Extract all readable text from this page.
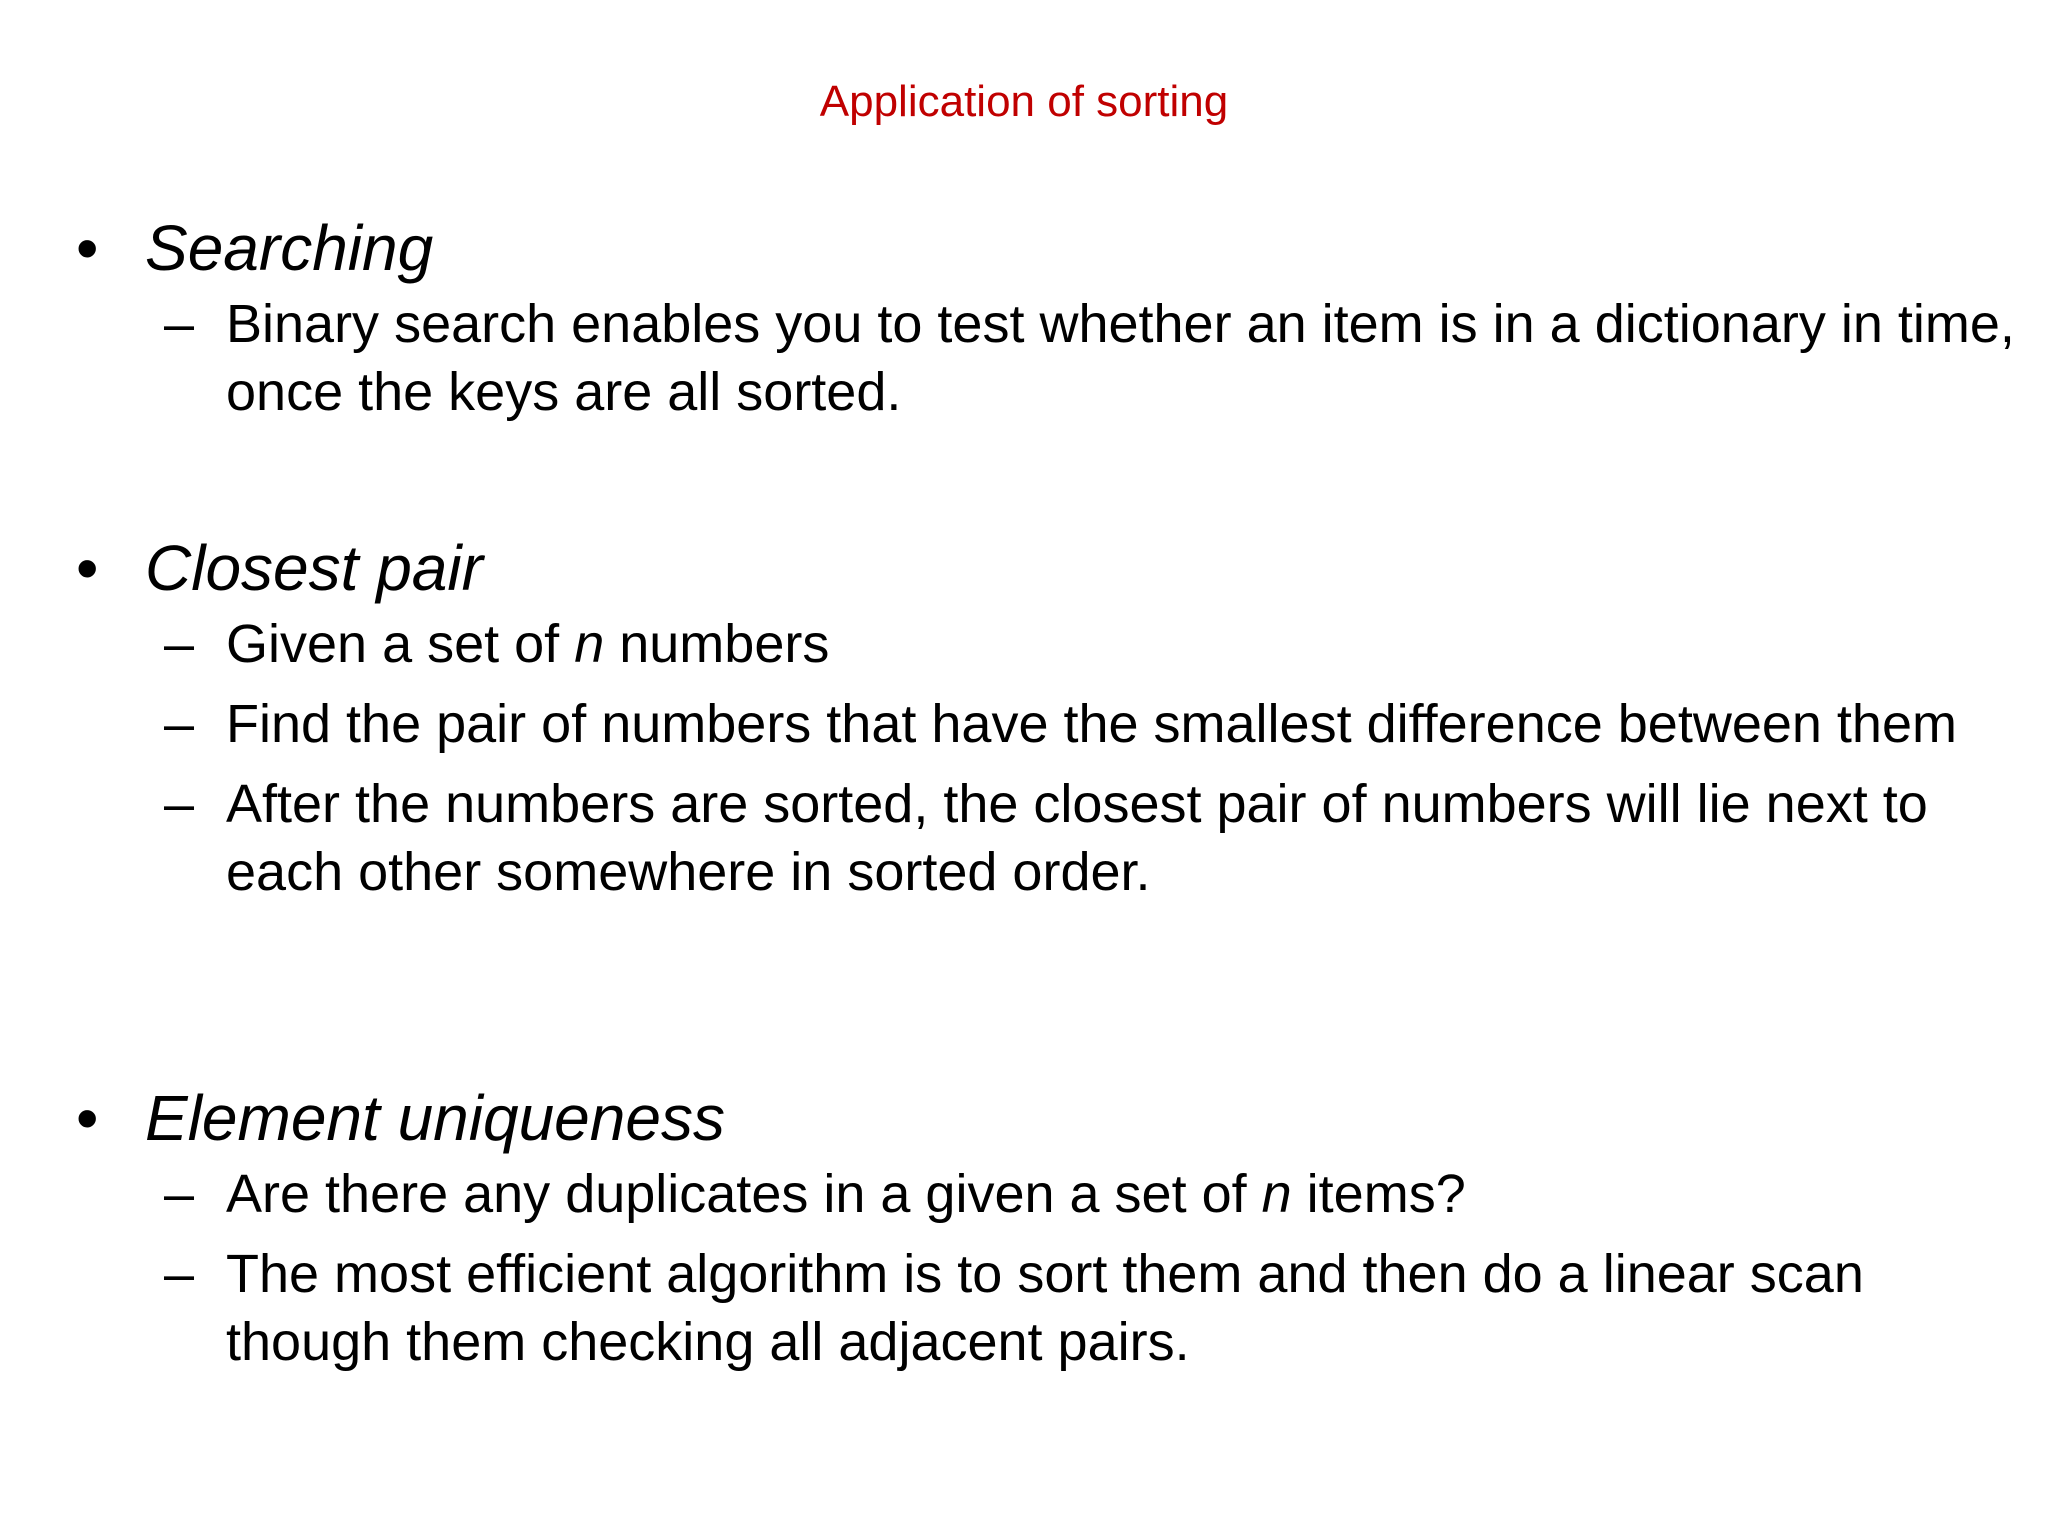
Application of sorting
• Searching
– Binary search enables you to test whether an item is in a dictionary in time, once the keys are all sorted.
• Closest pair
– Given a set of n numbers
– Find the pair of numbers that have the smallest difference between them
– After the numbers are sorted, the closest pair of numbers will lie next to each other somewhere in sorted order.
• Element uniqueness
– Are there any duplicates in a given a set of n items?
– The most efficient algorithm is to sort them and then do a linear scan though them checking all adjacent pairs.
